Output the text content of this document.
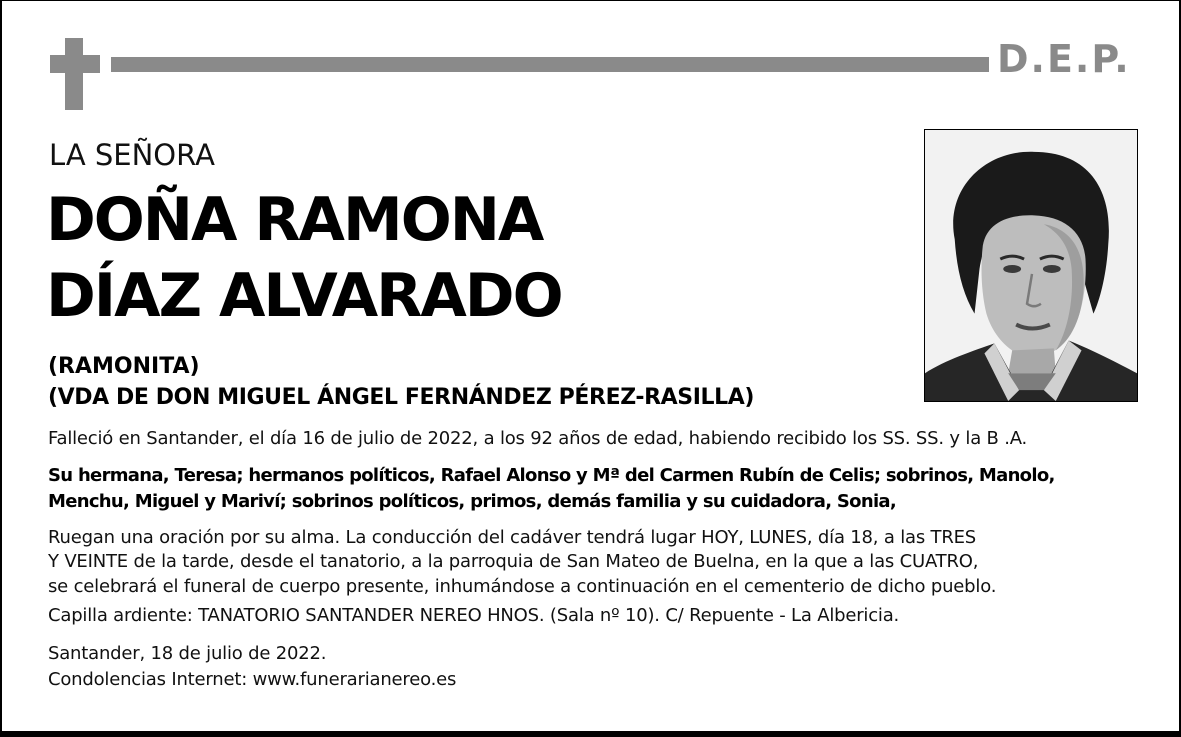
D.E.P.
LA SEÑORA
DOÑA RAMONA
DÍAZ ALVARADO
(RAMONITA)
(VDA DE DON MIGUEL ÁNGEL FERNÁNDEZ PÉREZ-RASILLA)
Falleció en Santander, el día 16 de julio de 2022, a los 92 años de edad, habiendo recibido los SS. SS. y la B .A.
Su hermana, Teresa; hermanos políticos, Rafael Alonso y Mª del Carmen Rubín de Celis; sobrinos, Manolo,
Menchu, Miguel y Mariví; sobrinos políticos, primos, demás familia y su cuidadora, Sonia,
Ruegan una oración por su alma. La conducción del cadáver tendrá lugar HOY, LUNES, día 18, a las TRES
Y VEINTE de la tarde, desde el tanatorio, a la parroquia de San Mateo de Buelna, en la que a las CUATRO,
se celebrará el funeral de cuerpo presente, inhumándose a continuación en el cementerio de dicho pueblo.
Capilla ardiente: TANATORIO SANTANDER NEREO HNOS. (Sala nº 10). C/ Repuente - La Albericia.
Santander, 18 de julio de 2022.
Condolencias Internet: www.funerarianereo.es
